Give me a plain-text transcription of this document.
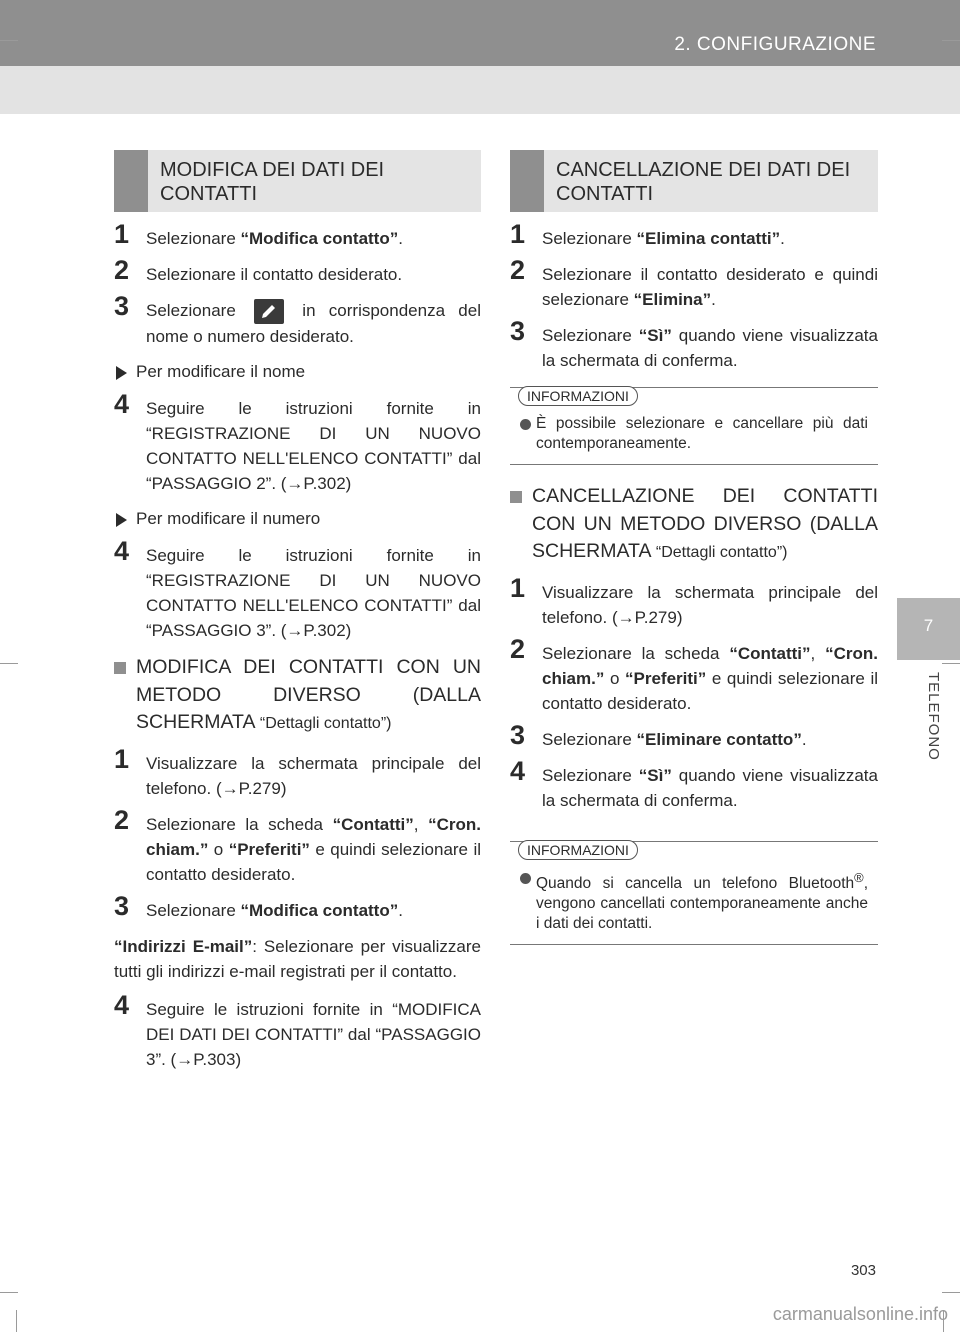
2. CONFIGURAZIONE
7
TELEFONO
MODIFICA DEI DATI DEI CONTATTI
1 Selezionare “Modifica contatto”.
2 Selezionare il contatto desiderato.
3 Selezionare
in corrispondenza del nome o numero desiderato.
Per modificare il nome
4 Seguire le istruzioni fornite in “REGISTRAZIONE DI UN NUOVO CONTATTO NELL'ELENCO CONTATTI” dal “PASSAGGIO 2”. (→P.302)
Per modificare il numero
4 Seguire le istruzioni fornite in “REGISTRAZIONE DI UN NUOVO CONTATTO NELL'ELENCO CONTATTI” dal “PASSAGGIO 3”. (→P.302)
MODIFICA DEI CONTATTI CON UN METODO DIVERSO (DALLA SCHERMATA “Dettagli contatto”)
1 Visualizzare la schermata principale del telefono. (→P.279)
2 Selezionare la scheda “Contatti”, “Cron. chiam.” o “Preferiti” e quindi selezionare il contatto desiderato.
3 Selezionare “Modifica contatto”.
“Indirizzi E-mail”: Selezionare per visualizzare tutti gli indirizzi e-mail registrati per il contatto.
4 Seguire le istruzioni fornite in “MODIFICA DEI DATI DEI CONTATTI” dal “PASSAGGIO 3”. (→P.303)
CANCELLAZIONE DEI DATI DEI CONTATTI
1 Selezionare “Elimina contatti”.
2 Selezionare il contatto desiderato e quindi selezionare “Elimina”.
3 Selezionare “Sì” quando viene visualizzata la schermata di conferma.
INFORMAZIONI
È possibile selezionare e cancellare più dati contemporaneamente.
CANCELLAZIONE DEI CONTATTI CON UN METODO DIVERSO (DALLA SCHERMATA “Dettagli contatto”)
1 Visualizzare la schermata principale del telefono. (→P.279)
2 Selezionare la scheda “Contatti”, “Cron. chiam.” o “Preferiti” e quindi selezionare il contatto desiderato.
3 Selezionare “Eliminare contatto”.
4 Selezionare “Sì” quando viene visualizzata la schermata di conferma.
INFORMAZIONI
Quando si cancella un telefono Bluetooth®, vengono cancellati contemporaneamente anche i dati dei contatti.
303
carmanualsonline.info
